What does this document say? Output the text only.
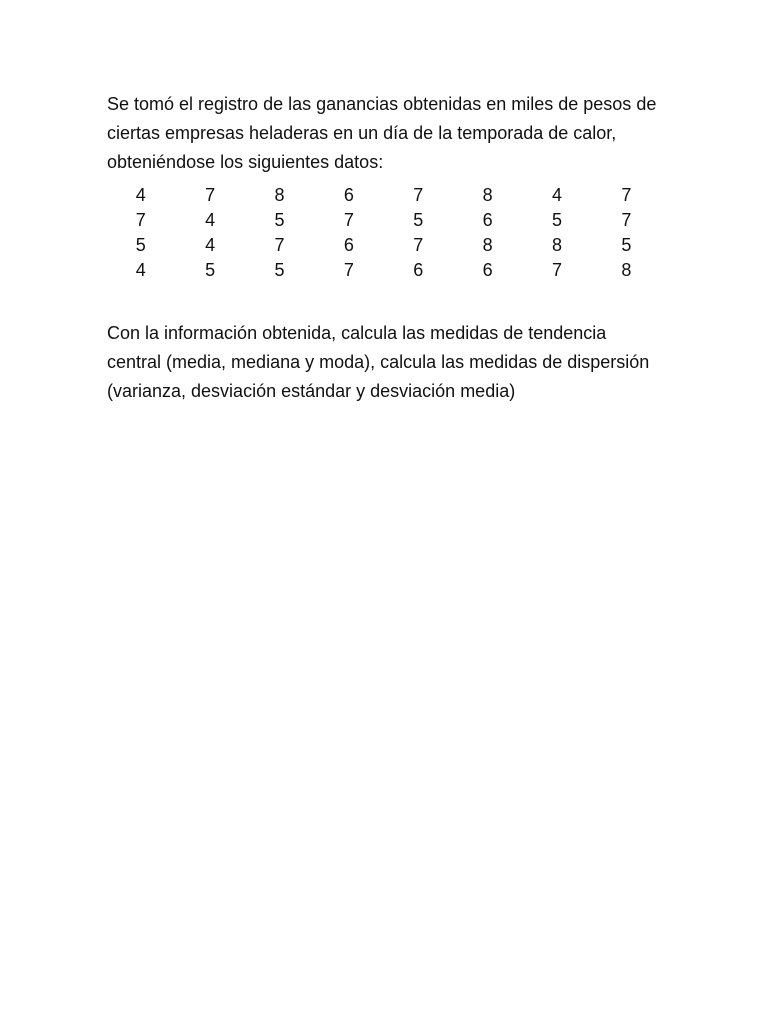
Se tomó el registro de las ganancias obtenidas en miles de pesos de
ciertas empresas heladeras en un día de la temporada de calor,
obteniéndose los siguientes datos:

4	7	8	6	7	8	4	7
7	4	5	7	5	6	5	7
5	4	7	6	7	8	8	5
4	5	5	7	6	6	7	8

Con la información obtenida, calcula las medidas de tendencia
central (media, mediana y moda), calcula las medidas de dispersión
(varianza, desviación estándar y desviación media)
